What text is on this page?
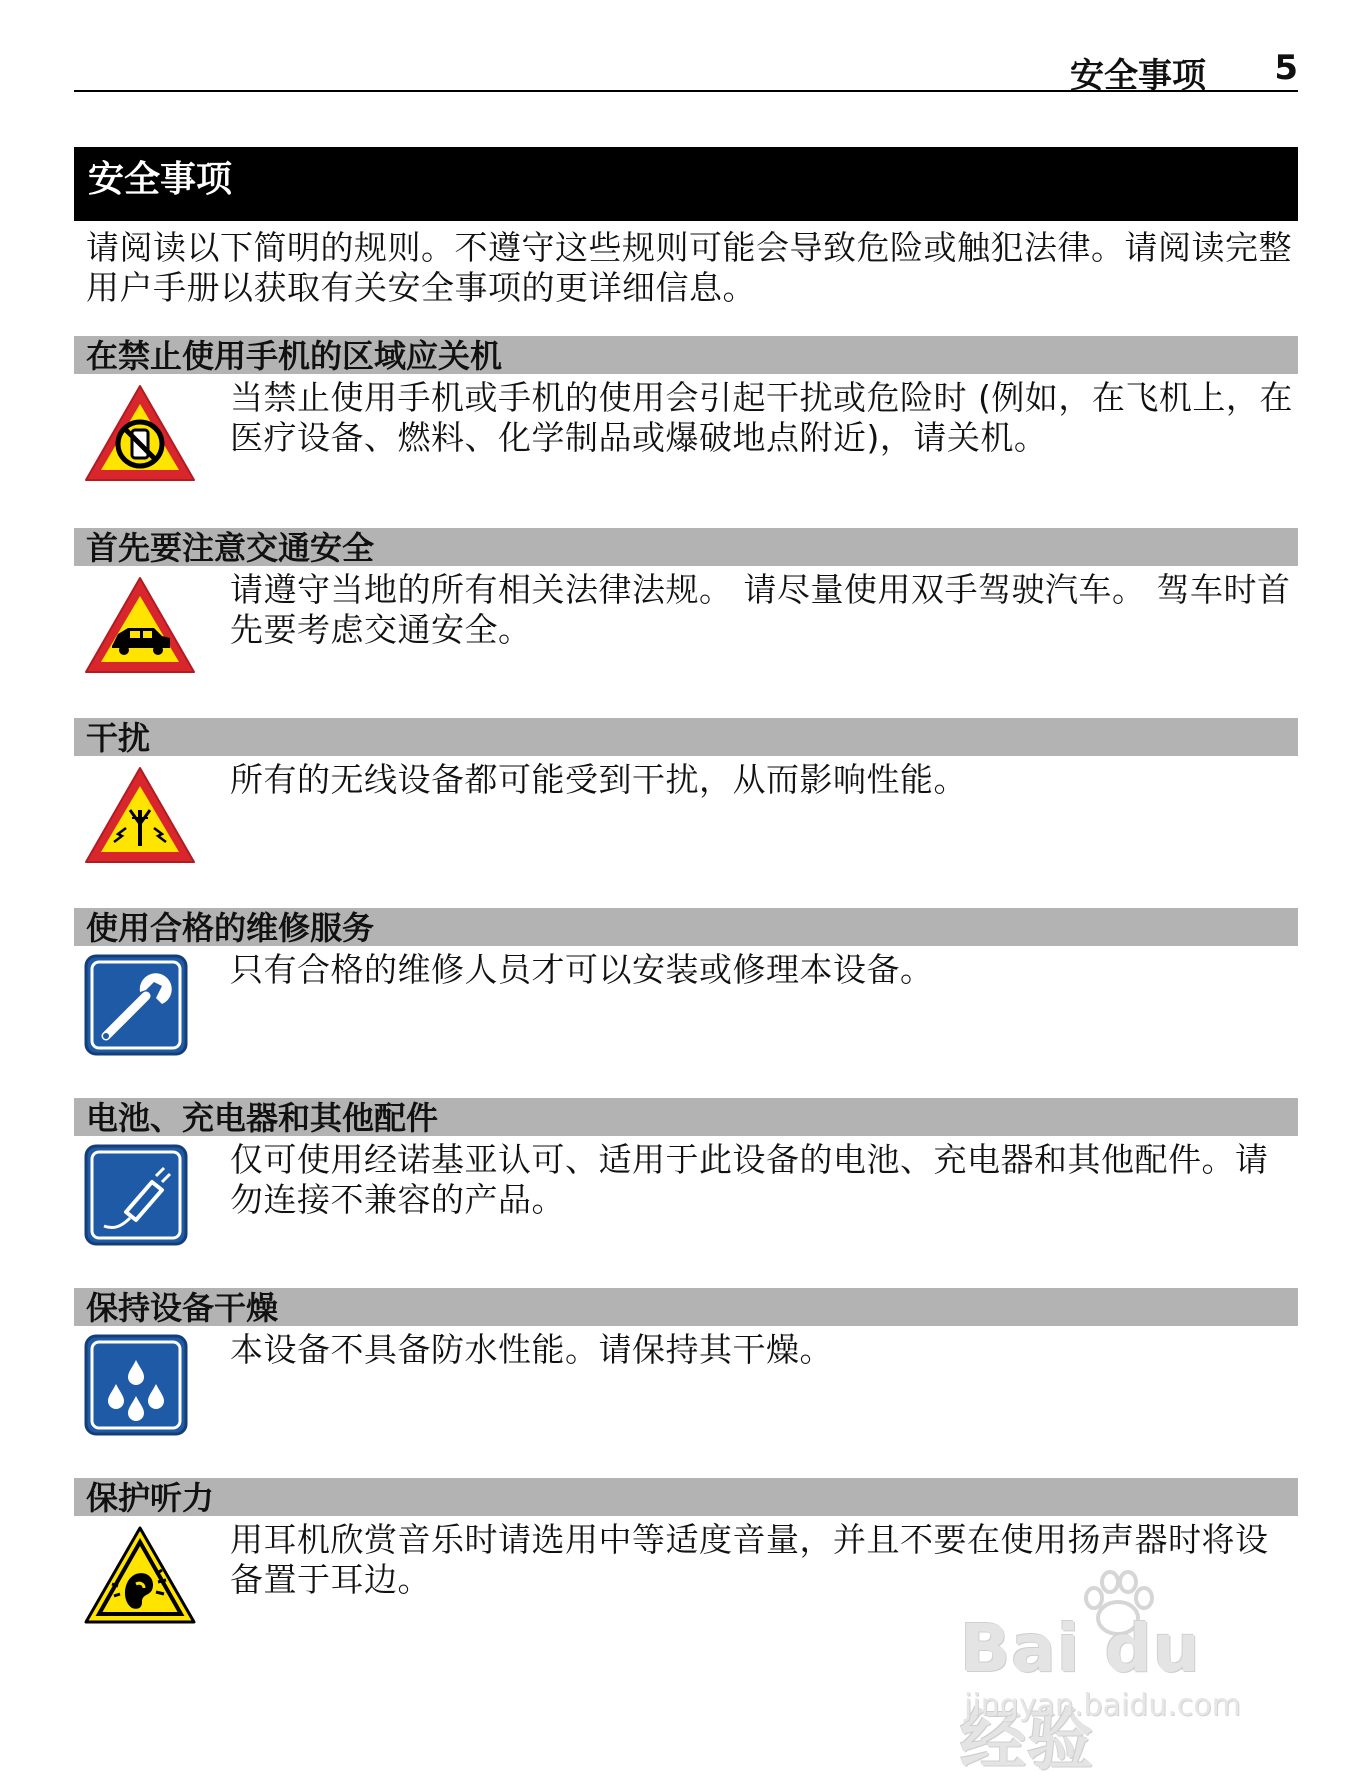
安全事项 5
安全事项
请阅读以下简明的规则。不遵守这些规则可能会导致危险或触犯法律。请阅读完整用户手册以获取有关安全事项的更详细信息。
在禁止使用手机的区域应关机
当禁止使用手机或手机的使用会引起干扰或危险时 (例如，在飞机上，在医疗设备、燃料、化学制品或爆破地点附近)，请关机。
首先要注意交通安全
请遵守当地的所有相关法律法规。 请尽量使用双手驾驶汽车。 驾车时首先要考虑交通安全。
干扰
所有的无线设备都可能受到干扰，从而影响性能。
使用合格的维修服务
只有合格的维修人员才可以安装或修理本设备。
电池、充电器和其他配件
仅可使用经诺基亚认可、适用于此设备的电池、充电器和其他配件。请勿连接不兼容的产品。
保持设备干燥
本设备不具备防水性能。请保持其干燥。
保护听力
用耳机欣赏音乐时请选用中等适度音量，并且不要在使用扬声器时将设备置于耳边。
Bai du 经验
jingyan.baidu.com
